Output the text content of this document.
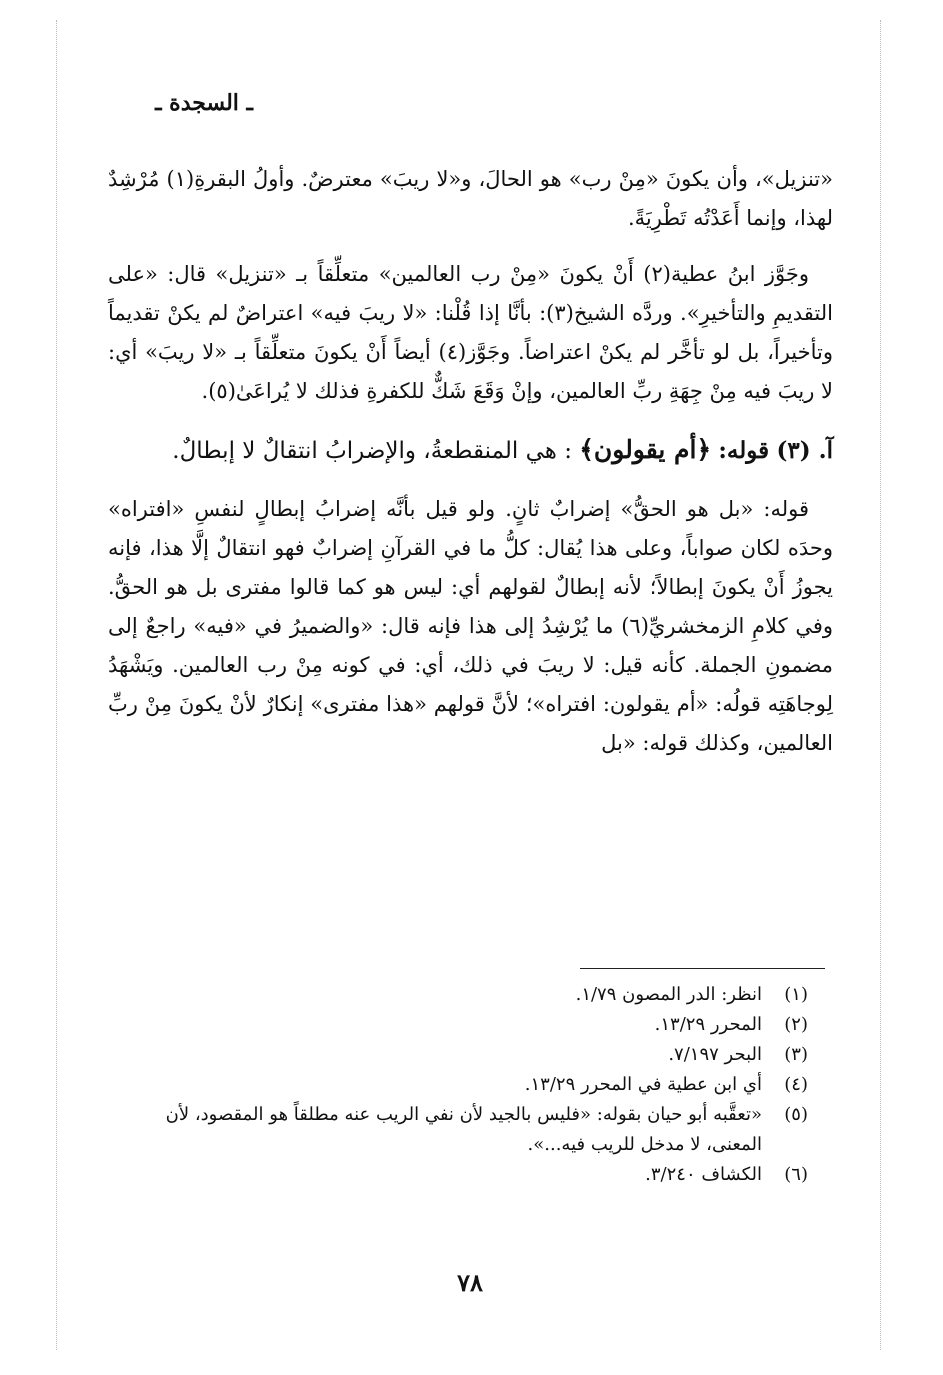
ـ السجدة ـ

«تنزيل»، وأن يكونَ «مِنْ رب» هو الحالَ، و«لا ريبَ» معترضٌ. وأولُ البقرةِ(١) مُرْشِدٌ لهذا، وإنما أَعَدْتُه تَطْرِيَةً.

وجَوَّز ابنُ عطية(٢) أَنْ يكونَ «مِنْ رب العالمين» متعلِّقاً بـ «تنزيل» قال: «على التقديمِ والتأخيرِ». وردَّه الشيخ(٣): بأنَّا إذا قُلْنا: «لا ريبَ فيه» اعتراضٌ لم يكنْ تقديماً وتأخيراً، بل لو تأخَّر لم يكنْ اعتراضاً. وجَوَّز(٤) أيضاً أَنْ يكونَ متعلِّقاً بـ «لا ريبَ» أي: لا ريبَ فيه مِنْ جِهَةِ ربِّ العالمين، وإنْ وَقَعَ شَكٌّ للكفرةِ فذلك لا يُراعَىٰ(٥).

آ. (٣) قوله: ﴿أم يقولون﴾ : هي المنقطعةُ، والإضرابُ انتقالٌ لا إبطالٌ.

قوله: «بل هو الحقُّ» إضرابٌ ثانٍ. ولو قيل بأنَّه إضرابُ إبطالٍ لنفسِ «افتراه» وحدَه لكان صواباً، وعلى هذا يُقال: كلُّ ما في القرآنِ إضرابٌ فهو انتقالٌ إلَّا هذا، فإنه يجوزُ أَنْ يكونَ إبطالاً؛ لأنه إبطالٌ لقولهم أي: ليس هو كما قالوا مفترى بل هو الحقُّ. وفي كلامِ الزمخشريِّ(٦) ما يُرْشِدُ إلى هذا فإنه قال: «والضميرُ في «فيه» راجعٌ إلى مضمونِ الجملة. كأنه قيل: لا ريبَ في ذلك، أي: في كونه مِنْ رب العالمين. ويَشْهَدُ لِوجاهَتِه قولُه: «أم يقولون: افتراه»؛ لأنَّ قولهم «هذا مفترى» إنكارٌ لأنْ يكونَ مِنْ ربِّ العالمين، وكذلك قوله: «بل

(١)
انظر: الدر المصون ١/٧٩.
(٢)
المحرر ١٣/٢٩.
(٣)
البحر ٧/١٩٧.
(٤)
أي ابن عطية في المحرر ١٣/٢٩.
(٥)
«تعقَّبه أبو حيان بقوله: «فليس بالجيد لأن نفي الريب عنه مطلقاً هو المقصود، لأن المعنى، لا مدخل للريب فيه...».
(٦)
الكشاف ٣/٢٤٠.
٧٨
